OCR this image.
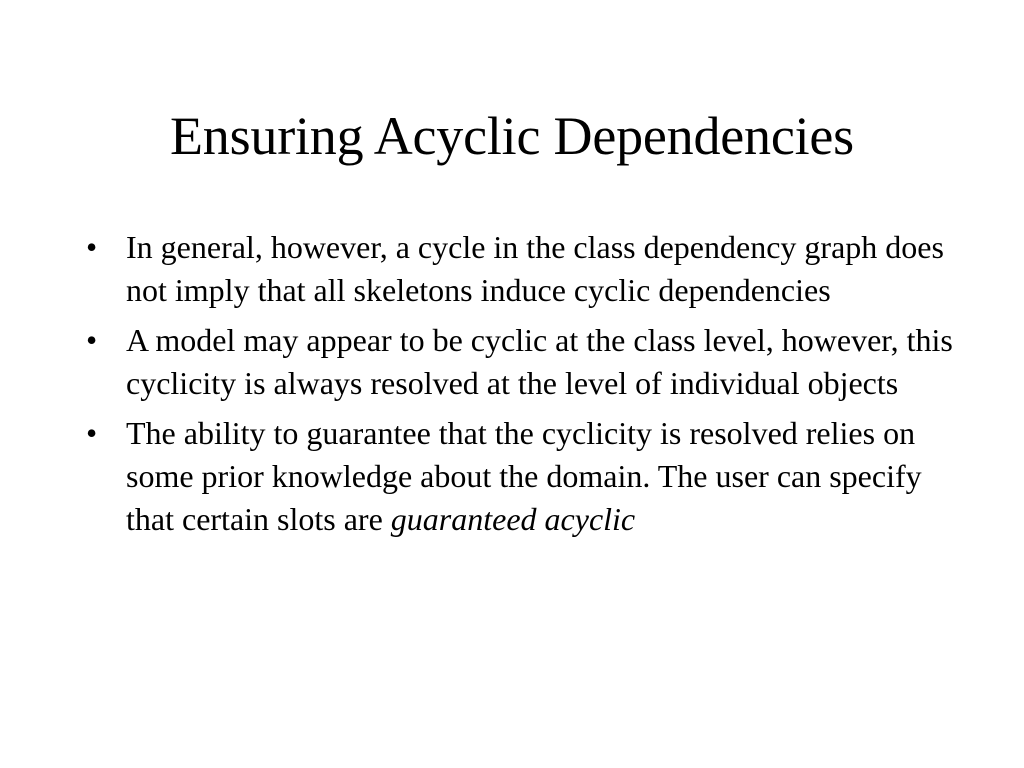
Ensuring Acyclic Dependencies
• In general, however, a cycle in the class dependency graph does not imply that all skeletons induce cyclic dependencies
• A model may appear to be cyclic at the class level, however, this cyclicity is always resolved at the level of individual objects
• The ability to guarantee that the cyclicity is resolved relies on some prior knowledge about the domain. The user can specify that certain slots are guaranteed acyclic
